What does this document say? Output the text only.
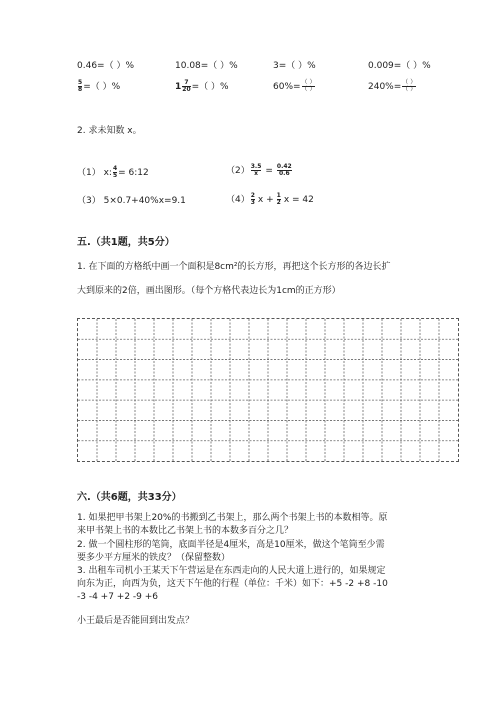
0.46=（ ）%	10.08=（ ）%	3=（ ）%	0.009=（ ）%
$\frac{5}{8}$ =（ ）%	$1 \frac{7}{20}$ =（ ）%	$60\%= \frac{( )}{( )}$	$240\%= \frac{( )}{( )}$
2. 求未知数 x。
（1） x: $\frac{4}{5}$ = 6:12	$(2) \frac{3.5}{x} = \frac{0.42}{0.6}$
（3） 5×0.7+40%x=9.1	$(4) \frac{2}{3}$ $x + \frac{1}{2}$ x = 42
五.（共1题，共5分）
1. 在下面的方格纸中画一个面积是8cm²的长方形，再把这个长方形的各边长扩
大到原来的2倍，画出图形。（每个方格代表边长为1cm的正方形）
六.（共6题，共33分）
1. 如果把甲书架上20%的书搬到乙书架上，那么两个书架上书的本数相等。原
来甲书架上书的本数比乙书架上书的本数多百分之几？
2. 做一个圆柱形的笔筒，底面半径是4厘米，高是10厘米，做这个笔筒至少需
要多少平方厘米的铁皮？（保留整数）
3. 出租车司机小王某天下午营运是在东西走向的人民大道上进行的，如果规定
向东为正，向西为负，这天下午他的行程（单位：千米）如下：+5 -2 +8 -10
-3 -4 +7 +2 -9 +6
小王最后是否能回到出发点？
